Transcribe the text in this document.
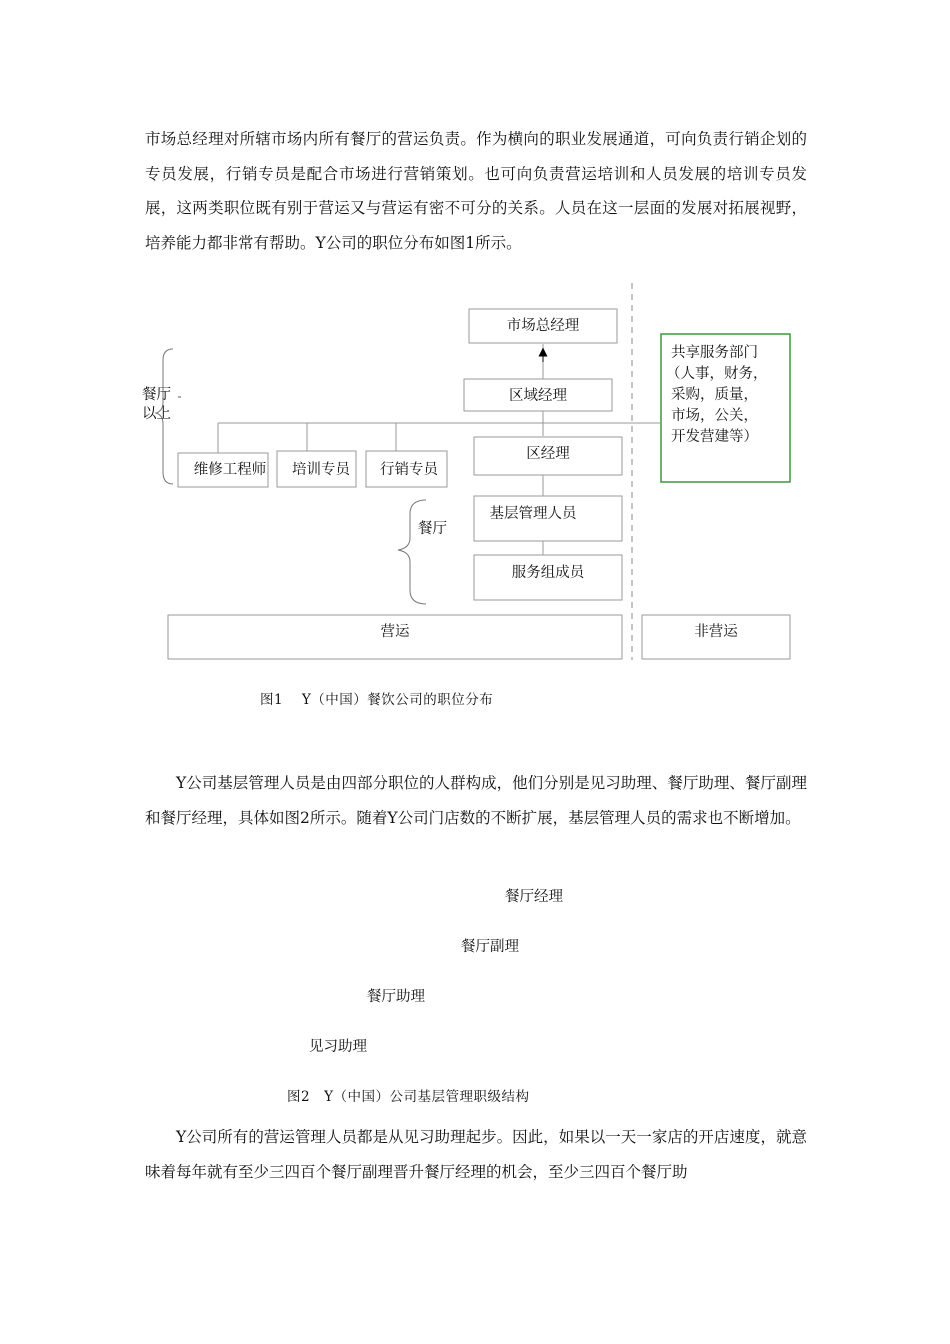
市场总经理对所辖市场内所有餐厅的营运负责。作为横向的职业发展通道，可向负责行销企划的专员发展，行销专员是配合市场进行营销策划。也可向负责营运培训和人员发展的培训专员发展，这两类职位既有别于营运又与营运有密不可分的关系。人员在这一层面的发展对拓展视野，培养能力都非常有帮助。Y公司的职位分布如图1所示。

市场总经理
区域经理
区经理
基层管理人员
服务组成员
维修工程师 培训专员 行销专员
营运	非营运
共享服务部门
（人事，财务，
采购，质量，
市场，公关，
开发营建等）
餐厅
以上
餐厅

图1　 Y（中国）餐饮公司的职位分布

Y公司基层管理人员是由四部分职位的人群构成，他们分别是见习助理、餐厅助理、餐厅副理和餐厅经理，具体如图2所示。随着Y公司门店数的不断扩展，基层管理人员的需求也不断增加。

餐厅经理

餐厅副理

餐厅助理

见习助理

图2　Y（中国）公司基层管理职级结构

Y公司所有的营运管理人员都是从见习助理起步。因此，如果以一天一家店的开店速度，就意味着每年就有至少三四百个餐厅副理晋升餐厅经理的机会，至少三四百个餐厅助
